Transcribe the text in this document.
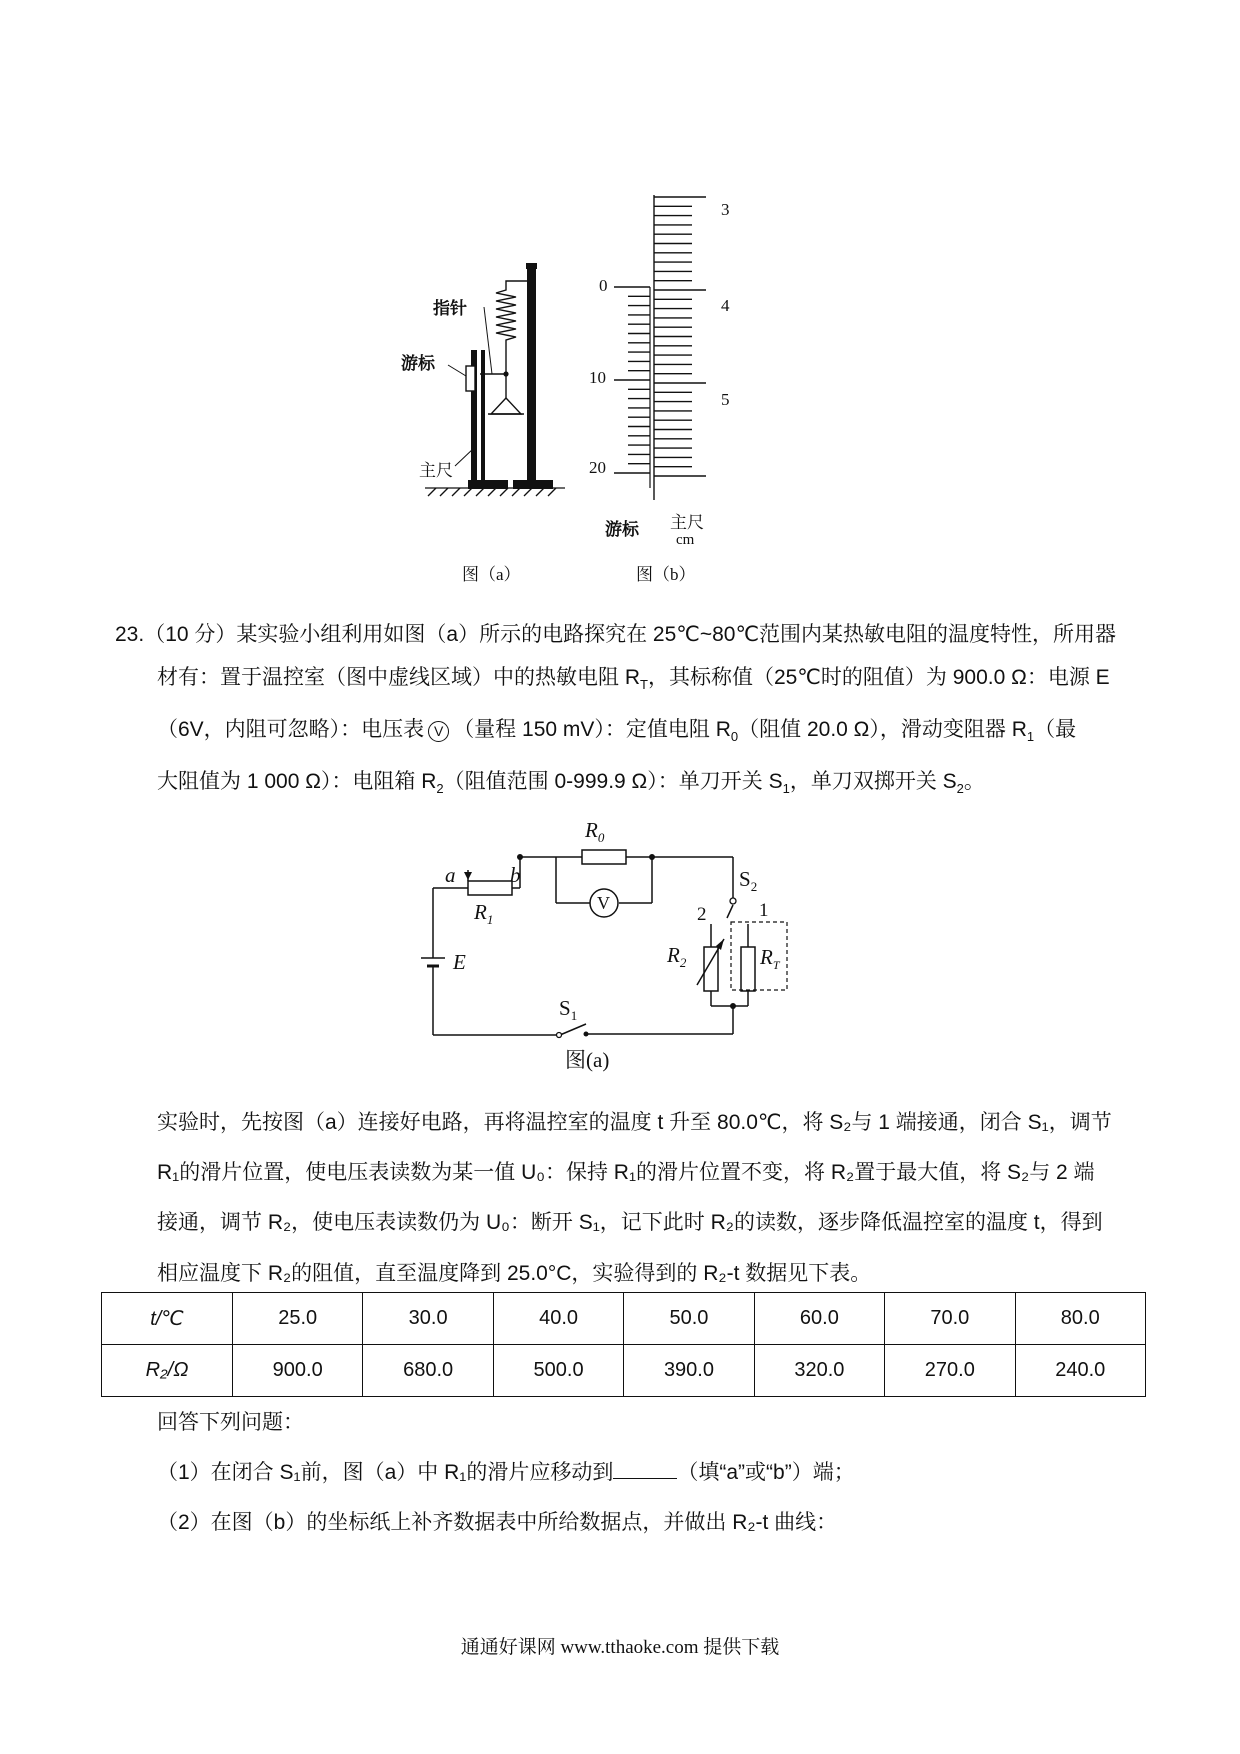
指针
游标
主尺
3
4
5
0
10
20
游标 主尺
cm
图（a）	图（b）
23.（10 分）某实验小组利用如图（a）所示的电路探究在 25℃~80℃范围内某热敏电阻的温度特性，所用器
材有：置于温控室（图中虚线区域）中的热敏电阻 $R_T$，其标称值（25℃时的阻值）为 900.0 Ω：电源 E
（6V，内阻可忽略）：电压表 V （量程 150 mV）：定值电阻 $R_0$（阻值 20.0 Ω），滑动变阻器 $R_1$（最
大阻值为 1 000 Ω）：电阻箱 $R_2$（阻值范围 0-999.9 Ω）：单刀开关 $S_1$，单刀双掷开关 $S_2$。
$R_0$
a	b
$R_1$
V
$S_2$
1
2
$R_2$	$R_T$
E
$S_1$
图(a)
实验时，先按图（a）连接好电路，再将温控室的温度 t 升至 80.0℃，将 S₂与 1 端接通，闭合 S₁，调节
R₁的滑片位置，使电压表读数为某一值 U₀：保持 R₁的滑片位置不变，将 R₂置于最大值，将 S₂与 2 端
接通，调节 R₂，使电压表读数仍为 U₀：断开 S₁，记下此时 R₂的读数，逐步降低温控室的温度 t，得到
相应温度下 R₂的阻值，直至温度降到 25.0°C，实验得到的 R₂-t 数据见下表。
t/℃	25.0	30.0	40.0	50.0	60.0	70.0	80.0
R₂/Ω	900.0	680.0	500.0	390.0	320.0	270.0	240.0
回答下列问题：
（1）在闭合 S₁前，图（a）中 R₁的滑片应移动到	（填“a”或“b”）端；
（2）在图（b）的坐标纸上补齐数据表中所给数据点，并做出 R₂-t 曲线：
通通好课网 www.tthaoke.com 提供下载
